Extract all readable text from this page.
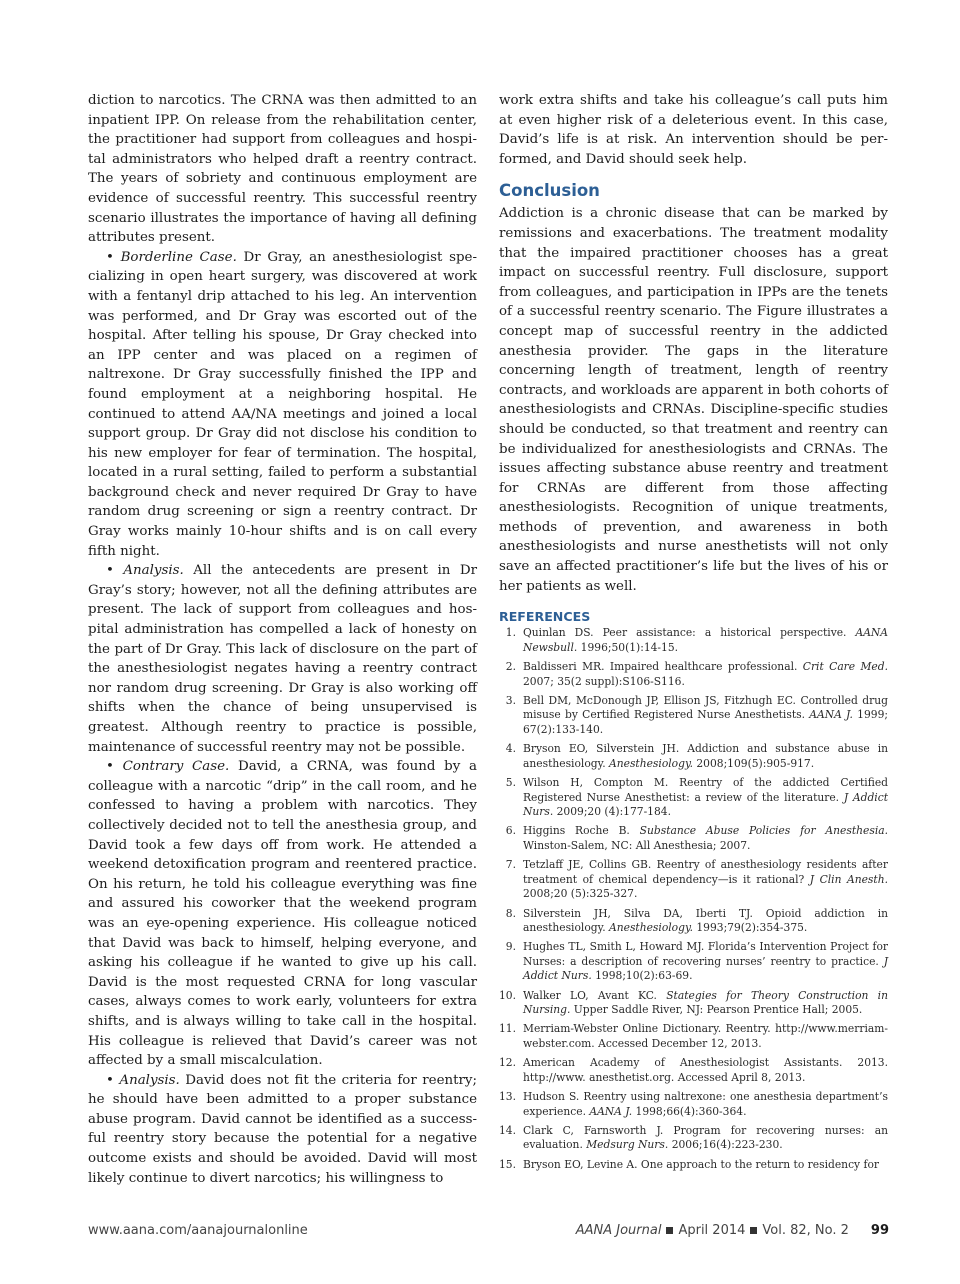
diction to narcotics. The CRNA was then admitted to an inpatient IPP. On release from the rehabilitation center, the practitioner had support from colleagues and hospital administrators who helped draft a reentry contract. The years of sobriety and continuous employment are evidence of successful reentry. This successful reentry scenario illustrates the importance of having all defining attributes present.

• Borderline Case. Dr Gray, an anesthesiologist specializing in open heart surgery, was discovered at work with a fentanyl drip attached to his leg. An intervention was performed, and Dr Gray was escorted out of the hospital. After telling his spouse, Dr Gray checked into an IPP center and was placed on a regimen of naltrexone. Dr Gray successfully finished the IPP and found employment at a neighboring hospital. He continued to attend AA/NA meetings and joined a local support group. Dr Gray did not disclose his condition to his new employer for fear of termination. The hospital, located in a rural setting, failed to perform a substantial background check and never required Dr Gray to have random drug screening or sign a reentry contract. Dr Gray works mainly 10-hour shifts and is on call every fifth night.

• Analysis. All the antecedents are present in Dr Gray’s story; however, not all the defining attributes are present. The lack of support from colleagues and hospital administration has compelled a lack of honesty on the part of Dr Gray. This lack of disclosure on the part of the anesthesiologist negates having a reentry contract nor random drug screening. Dr Gray is also working off shifts when the chance of being unsupervised is greatest. Although reentry to practice is possible, maintenance of successful reentry may not be possible.

• Contrary Case. David, a CRNA, was found by a colleague with a narcotic “drip” in the call room, and he confessed to having a problem with narcotics. They collectively decided not to tell the anesthesia group, and David took a few days off from work. He attended a weekend detoxification program and reentered practice. On his return, he told his colleague everything was fine and assured his coworker that the weekend program was an eye-opening experience. His colleague noticed that David was back to himself, helping everyone, and asking his colleague if he wanted to give up his call. David is the most requested CRNA for long vascular cases, always comes to work early, volunteers for extra shifts, and is always willing to take call in the hospital. His colleague is relieved that David’s career was not affected by a small miscalculation.

• Analysis. David does not fit the criteria for reentry; he should have been admitted to a proper substance abuse program. David cannot be identified as a successful reentry story because the potential for a negative outcome exists and should be avoided. David will most likely continue to divert narcotics; his willingness to

work extra shifts and take his colleague’s call puts him at even higher risk of a deleterious event. In this case, David’s life is at risk. An intervention should be performed, and David should seek help.

Conclusion

Addiction is a chronic disease that can be marked by remissions and exacerbations. The treatment modality that the impaired practitioner chooses has a great impact on successful reentry. Full disclosure, support from colleagues, and participation in IPPs are the tenets of a successful reentry scenario. The Figure illustrates a concept map of successful reentry in the addicted anesthesia provider. The gaps in the literature concerning length of treatment, length of reentry contracts, and workloads are apparent in both cohorts of anesthesiologists and CRNAs. Discipline-specific studies should be conducted, so that treatment and reentry can be individualized for anesthesiologists and CRNAs. The issues affecting substance abuse reentry and treatment for CRNAs are different from those affecting anesthesiologists. Recognition of unique treatments, methods of prevention, and awareness in both anesthesiologists and nurse anesthetists will not only save an affected practitioner’s life but the lives of his or her patients as well.

REFERENCES
1. Quinlan DS. Peer assistance: a historical perspective. AANA Newsbull. 1996;50(1):14-15.
2. Baldisseri MR. Impaired healthcare professional. Crit Care Med. 2007; 35(2 suppl):S106-S116.
3. Bell DM, McDonough JP, Ellison JS, Fitzhugh EC. Controlled drug misuse by Certified Registered Nurse Anesthetists. AANA J. 1999; 67(2):133-140.
4. Bryson EO, Silverstein JH. Addiction and substance abuse in anesthesiology. Anesthesiology. 2008;109(5):905-917.
5. Wilson H, Compton M. Reentry of the addicted Certified Registered Nurse Anesthetist: a review of the literature. J Addict Nurs. 2009;20 (4):177-184.
6. Higgins Roche B. Substance Abuse Policies for Anesthesia. Winston-Salem, NC: All Anesthesia; 2007.
7. Tetzlaff JE, Collins GB. Reentry of anesthesiology residents after treatment of chemical dependency—is it rational? J Clin Anesth. 2008;20 (5):325-327.
8. Silverstein JH, Silva DA, Iberti TJ. Opioid addiction in anesthesiology. Anesthesiology. 1993;79(2):354-375.
9. Hughes TL, Smith L, Howard MJ. Florida’s Intervention Project for Nurses: a description of recovering nurses’ reentry to practice. J Addict Nurs. 1998;10(2):63-69.
10. Walker LO, Avant KC. Stategies for Theory Construction in Nursing. Upper Saddle River, NJ: Pearson Prentice Hall; 2005.
11. Merriam-Webster Online Dictionary. Reentry. http://www.merriam-webster.com. Accessed December 12, 2013.
12. American Academy of Anesthesiologist Assistants. 2013. http://www. anesthetist.org. Accessed April 8, 2013.
13. Hudson S. Reentry using naltrexone: one anesthesia department’s experience. AANA J. 1998;66(4):360-364.
14. Clark C, Farnsworth J. Program for recovering nurses: an evaluation. Medsurg Nurs. 2006;16(4):223-230.
15. Bryson EO, Levine A. One approach to the return to residency for
www.aana.com/aanajournalonline	AANA Journal April 2014 Vol. 82, No. 2 99
